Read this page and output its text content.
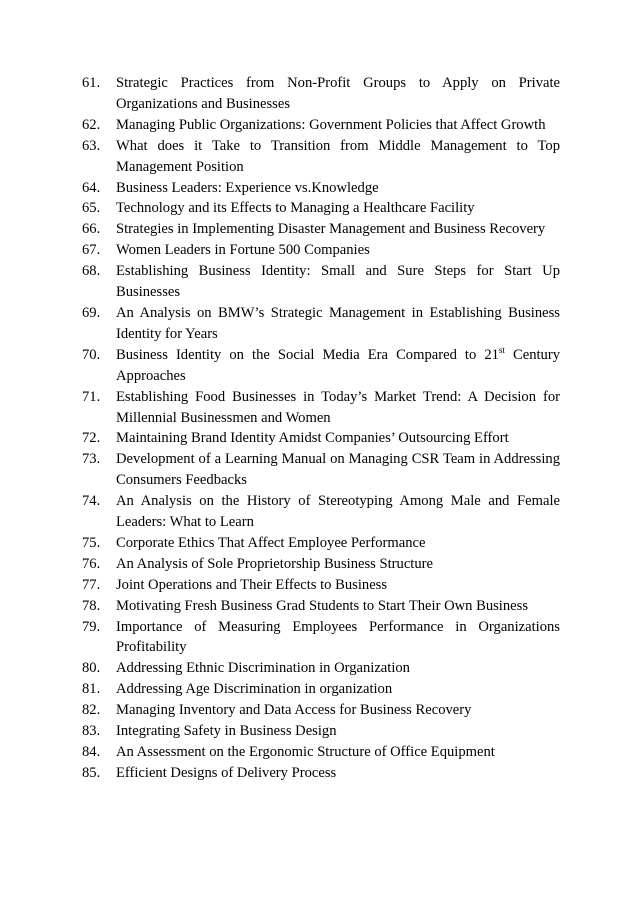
61.	Strategic Practices from Non-Profit Groups to Apply on Private Organizations and Businesses
62.	Managing Public Organizations: Government Policies that Affect Growth
63.	What does it Take to Transition from Middle Management to Top Management Position
64.	Business Leaders: Experience vs.Knowledge
65.	Technology and its Effects to Managing a Healthcare Facility
66.	Strategies in Implementing Disaster Management and Business Recovery
67.	Women Leaders in Fortune 500 Companies
68.	Establishing Business Identity: Small and Sure Steps for Start Up Businesses
69.	An Analysis on BMW’s Strategic Management in Establishing Business Identity for Years
70.	Business Identity on the Social Media Era Compared to 21st Century Approaches
71.	Establishing Food Businesses in Today’s Market Trend: A Decision for Millennial Businessmen and Women
72.	Maintaining Brand Identity Amidst Companies’ Outsourcing Effort
73.	Development of a Learning Manual on Managing CSR Team in Addressing Consumers Feedbacks
74.	An Analysis on the History of Stereotyping Among Male and Female Leaders: What to Learn
75.	Corporate Ethics That Affect Employee Performance
76.	An Analysis of Sole Proprietorship Business Structure
77.	Joint Operations and Their Effects to Business
78.	Motivating Fresh Business Grad Students to Start Their Own Business
79.	Importance of Measuring Employees Performance in Organizations Profitability
80.	Addressing Ethnic Discrimination in Organization
81.	Addressing Age Discrimination in organization
82.	Managing Inventory and Data Access for Business Recovery
83.	Integrating Safety in Business Design
84.	An Assessment on the Ergonomic Structure of Office Equipment
85.	Efficient Designs of Delivery Process
